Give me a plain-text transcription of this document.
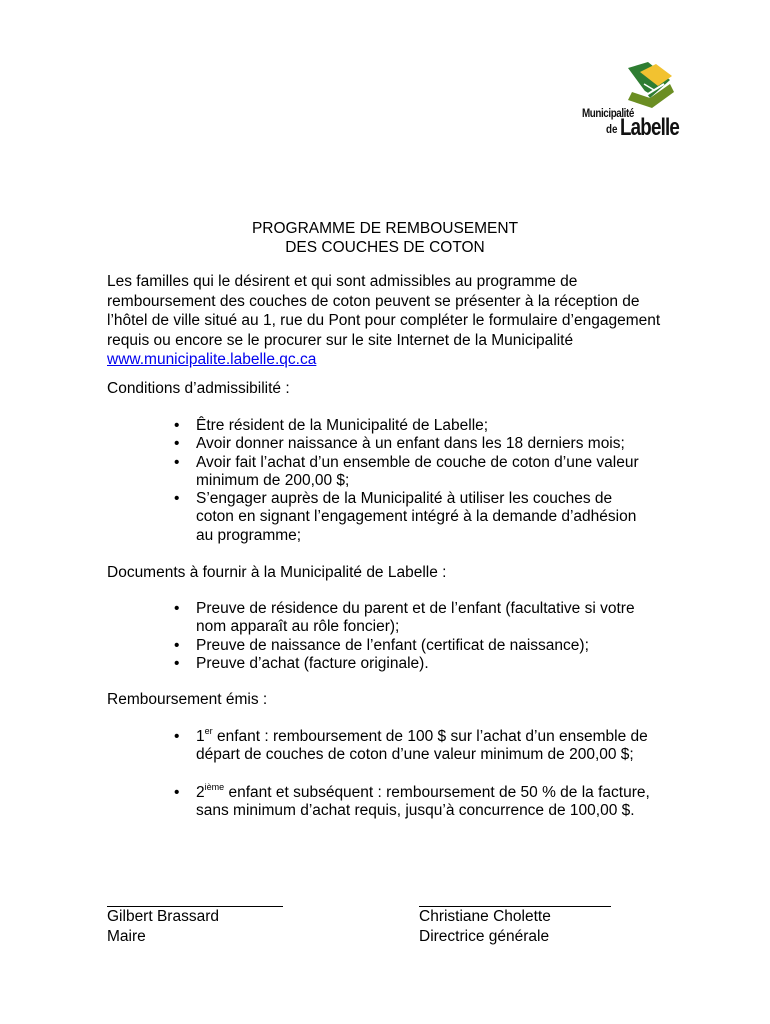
Municipalité
de Labelle
PROGRAMME DE REMBOUSEMENT
DES COUCHES DE COTON
Les familles qui le désirent et qui sont admissibles au programme de remboursement des couches de coton peuvent se présenter à la réception de l’hôtel de ville situé au 1, rue du Pont pour compléter le formulaire d’engagement requis ou encore se le procurer sur le site Internet de la Municipalité
www.municipalite.labelle.qc.ca
Conditions d’admissibilité :
• Être résident de la Municipalité de Labelle;
• Avoir donner naissance à un enfant dans les 18 derniers mois;
• Avoir fait l’achat d’un ensemble de couche de coton d’une valeur minimum de 200,00 $;
• S’engager auprès de la Municipalité à utiliser les couches de coton en signant l’engagement intégré à la demande d’adhésion au programme;
Documents à fournir à la Municipalité de Labelle :
• Preuve de résidence du parent et de l’enfant (facultative si votre nom apparaît au rôle foncier);
• Preuve de naissance de l’enfant (certificat de naissance);
• Preuve d’achat (facture originale).
Remboursement émis :
• 1er enfant : remboursement de 100 $ sur l’achat d’un ensemble de départ de couches de coton d’une valeur minimum de 200,00 $;
• 2ième enfant et subséquent : remboursement de 50 % de la facture, sans minimum d’achat requis, jusqu’à concurrence de 100,00 $.
Gilbert Brassard
Maire
Christiane Cholette
Directrice générale
